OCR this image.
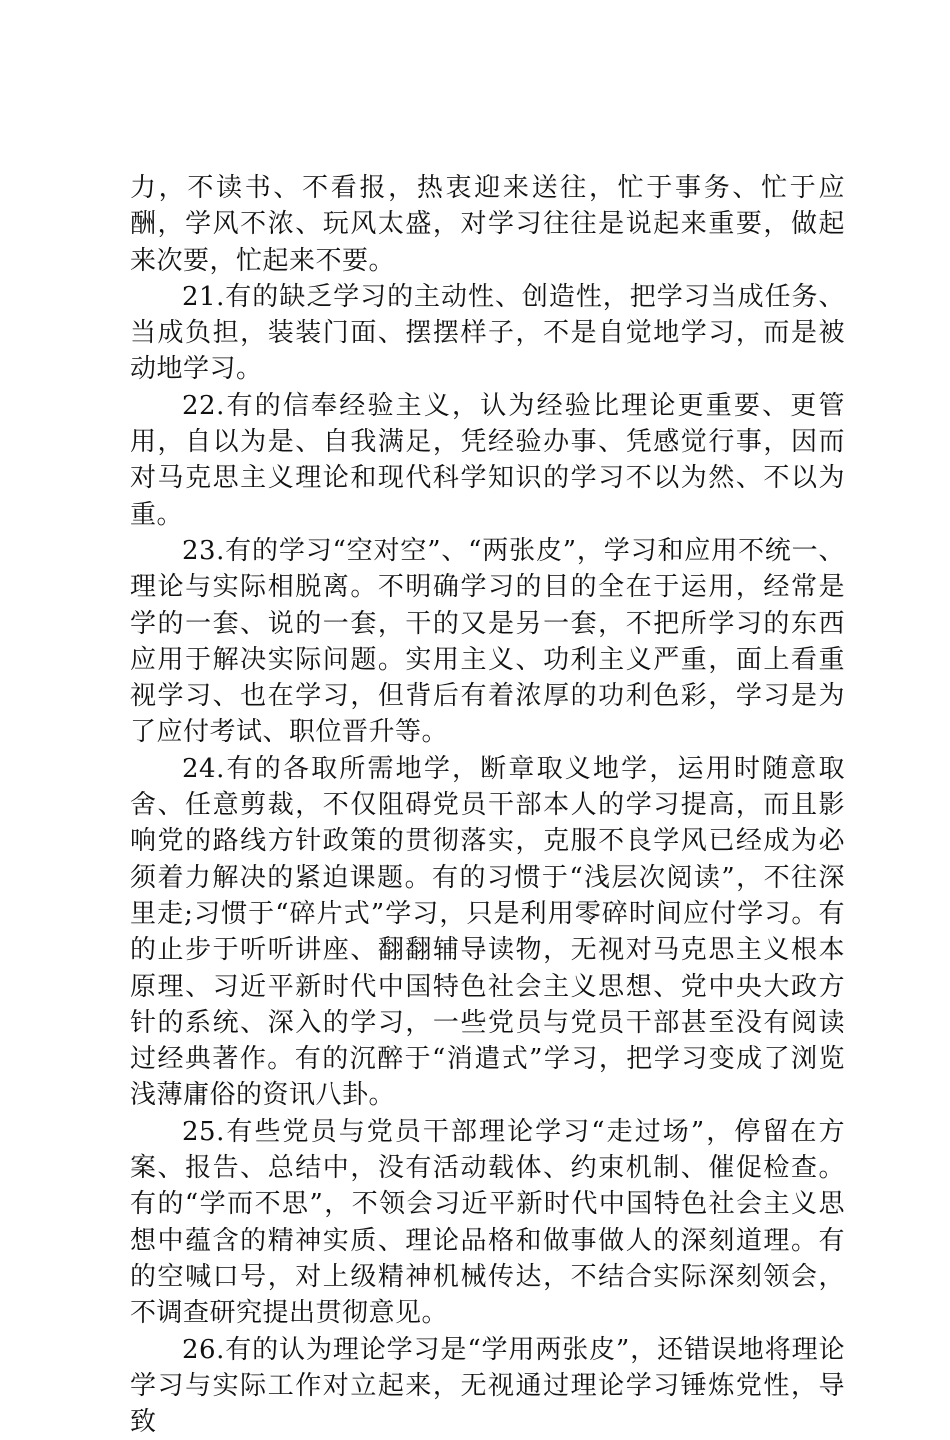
力，不读书、不看报，热衷迎来送往，忙于事务、忙于应酬，学风不浓、玩风太盛，对学习往往是说起来重要，做起来次要，忙起来不要。

21.有的缺乏学习的主动性、创造性，把学习当成任务、当成负担，装装门面、摆摆样子，不是自觉地学习，而是被动地学习。

22.有的信奉经验主义，认为经验比理论更重要、更管用，自以为是、自我满足，凭经验办事、凭感觉行事，因而对马克思主义理论和现代科学知识的学习不以为然、不以为重。

23.有的学习“空对空”、“两张皮”，学习和应用不统一、理论与实际相脱离。不明确学习的目的全在于运用，经常是学的一套、说的一套，干的又是另一套，不把所学习的东西应用于解决实际问题。实用主义、功利主义严重，面上看重视学习、也在学习，但背后有着浓厚的功利色彩，学习是为了应付考试、职位晋升等。

24.有的各取所需地学，断章取义地学，运用时随意取舍、任意剪裁，不仅阻碍党员干部本人的学习提高，而且影响党的路线方针政策的贯彻落实，克服不良学风已经成为必须着力解决的紧迫课题。有的习惯于“浅层次阅读”，不往深里走;习惯于“碎片式”学习，只是利用零碎时间应付学习。有的止步于听听讲座、翻翻辅导读物，无视对马克思主义根本原理、习近平新时代中国特色社会主义思想、党中央大政方针的系统、深入的学习，一些党员与党员干部甚至没有阅读过经典著作。有的沉醉于“消遣式”学习，把学习变成了浏览浅薄庸俗的资讯八卦。

25.有些党员与党员干部理论学习“走过场”，停留在方案、报告、总结中，没有活动载体、约束机制、催促检查。有的“学而不思”，不领会习近平新时代中国特色社会主义思想中蕴含的精神实质、理论品格和做事做人的深刻道理。有的空喊口号，对上级精神机械传达，不结合实际深刻领会，不调查研究提出贯彻意见。

26.有的认为理论学习是“学用两张皮”，还错误地将理论学习与实际工作对立起来，无视通过理论学习锤炼党性，导致
